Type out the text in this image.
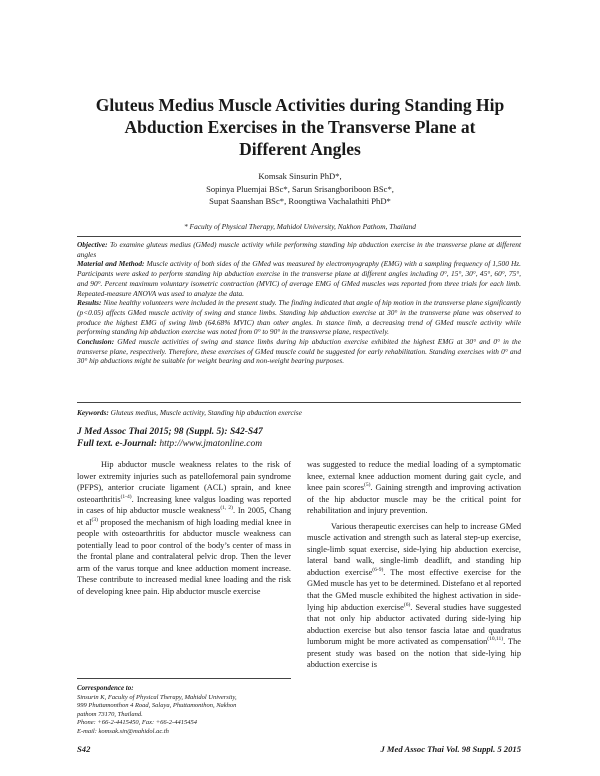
Gluteus Medius Muscle Activities during Standing Hip
Abduction Exercises in the Transverse Plane at
Different Angles
Komsak Sinsurin PhD*,
Sopinya Pluemjai BSc*, Sarun Srisangboriboon BSc*,
Supat Saanshan BSc*, Roongtiwa Vachalathiti PhD*
* Faculty of Physical Therapy, Mahidol University, Nakhon Pathom, Thailand

Objective: To examine gluteus medius (GMed) muscle activity while performing standing hip abduction exercise in the transverse plane at different angles

Material and Method: Muscle activity of both sides of the GMed was measured by electromyography (EMG) with a sampling frequency of 1,500 Hz. Participants were asked to perform standing hip abduction exercise in the transverse plane at different angles including 0°, 15°, 30°, 45°, 60°, 75°, and 90°. Percent maximum voluntary isometric contraction (MVIC) of average EMG of GMed muscles was reported from three trials for each limb. Repeated-measure ANOVA was used to analyze the data.

Results: Nine healthy volunteers were included in the present study. The finding indicated that angle of hip motion in the transverse plane significantly (p<0.05) affects GMed muscle activity of swing and stance limbs. Standing hip abduction exercise at 30° in the transverse plane was observed to produce the highest EMG of swing limb (64.68% MVIC) than other angles. In stance limb, a decreasing trend of GMed muscle activity while performing standing hip abduction exercise was noted from 0° to 90° in the transverse plane, respectively.

Conclusion: GMed muscle activities of swing and stance limbs during hip abduction exercise exhibited the highest EMG at 30° and 0° in the transverse plane, respectively. Therefore, these exercises of GMed muscle could be suggested for early rehabilitation. Standing exercises with 0° and 30° hip abductions might be suitable for weight bearing and non-weight bearing purposes.

Keywords: Gluteus medius, Muscle activity, Standing hip abduction exercise
J Med Assoc Thai 2015; 98 (Suppl. 5): S42-S47
Full text. e-Journal: http://www.jmatonline.com

Hip abductor muscle weakness relates to the risk of lower extremity injuries such as patellofemoral pain syndrome (PFPS), anterior cruciate ligament (ACL) sprain, and knee osteoarthritis$^{(1-4)}$. Increasing knee valgus loading was reported in cases of hip abductor muscle weakness$^{(1, 2)}$. In 2005, Chang et $al^{(3)}$ proposed the mechanism of high loading medial knee in people with osteoarthritis for abductor muscle weakness can potentially lead to poor control of the body’s center of mass in the frontal plane and contralateral pelvic drop. Then the lever arm of the varus torque and knee adduction moment increase. These contribute to increased medial knee loading and the risk of developing knee pain. Hip abductor muscle exercise

was suggested to reduce the medial loading of a symptomatic knee, external knee adduction moment during gait cycle, and knee pain scores$^{(5)}$. Gaining strength and improving activation of the hip abductor muscle may be the critical point for rehabilitation and injury prevention.

Various therapeutic exercises can help to increase GMed muscle activation and strength such as lateral step-up exercise, single-limb squat exercise, side-lying hip abduction exercise, lateral band walk, single-limb deadlift, and standing hip abduction exercise$^{(6-9)}$. The most effective exercise for the GMed muscle has yet to be determined. Distefano et al reported that the GMed muscle exhibited the highest activation in side-lying hip abduction exercise$^{(6)}$. Several studies have suggested that not only hip abductor activated during side-lying hip abduction exercise but also tensor fascia latae and quadratus lumborum might be more activated as compensation$^{(10,11)}$. The present study was based on the notion that side-lying hip abduction exercise is

Correspondence to:
Sinsurin K, Faculty of Physical Therapy, Mahidol University,
999 Phuttamonthon 4 Road, Salaya, Phuttamonthon, Nakhon
pathom 73170, Thailand.
Phone: +66-2-4415450, Fax: +66-2-4415454
E-mail: komsak.sin@mahidol.ac.th
S42	J Med Assoc Thai Vol. 98 Suppl. 5 2015
